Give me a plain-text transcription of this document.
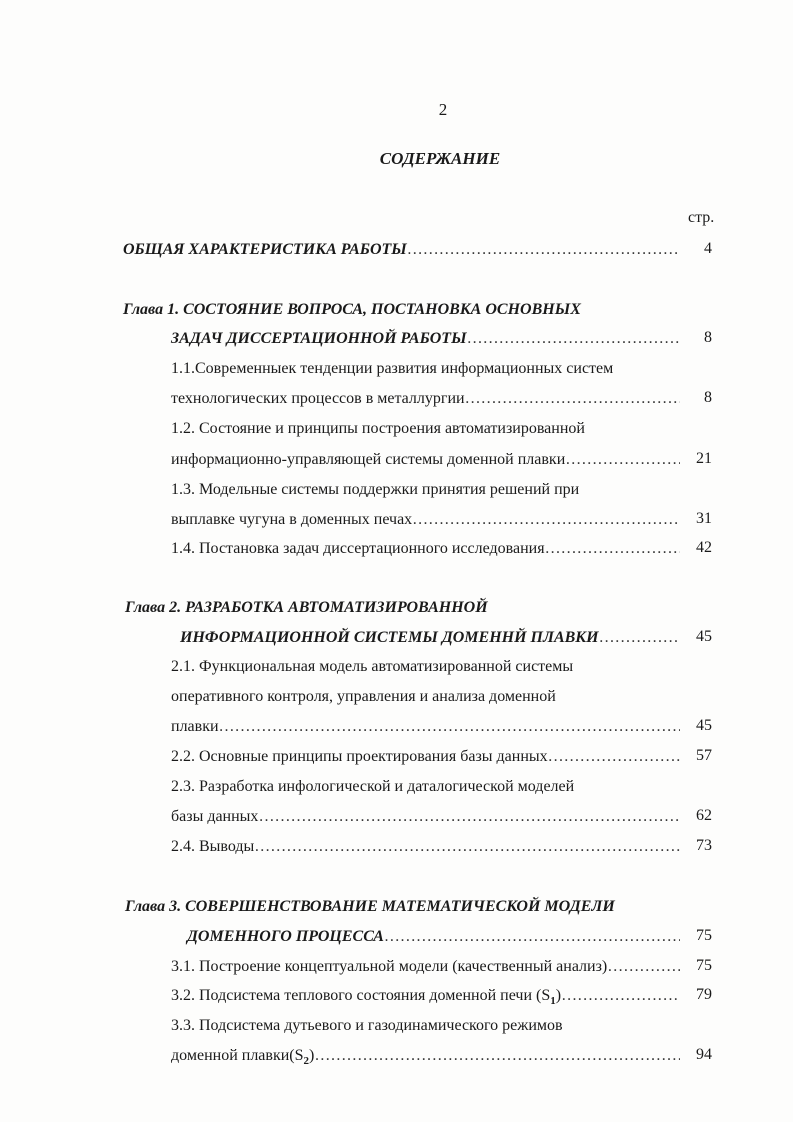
2
СОДЕРЖАНИЕ
стр.
ОБЩАЯ ХАРАКТЕРИСТИКА РАБОТЫ ……………………………………………………………………………………………………………………………………………………………	4
Глава 1. СОСТОЯНИЕ ВОПРОСА, ПОСТАНОВКА ОСНОВНЫХ
ЗАДАЧ ДИССЕРТАЦИОННОЙ РАБОТЫ ……………………………………………………………………………………………………………………………………………………………	8
1.1.Современныек тенденции развития информационных систем
технологических процессов в металлургии ……………………………………………………………………………………………………………………………………………………………	8
1.2. Состояние и принципы построения автоматизированной
информационно-управляющей системы доменной плавки ……………………………………………………………………………………………………………………………………………………………	21
1.3. Модельные системы поддержки принятия решений при
выплавке чугуна в доменных печах ……………………………………………………………………………………………………………………………………………………………	31
1.4. Постановка задач диссертационного исследования ……………………………………………………………………………………………………………………………………………………………	42
Глава 2. РАЗРАБОТКА АВТОМАТИЗИРОВАННОЙ
ИНФОРМАЦИОННОЙ СИСТЕМЫ ДОМЕННЙ ПЛАВКИ ……………………………………………………………………………………………………………………………………………………………	45
2.1. Функциональная модель автоматизированной системы
оперативного контроля, управления и анализа доменной
плавки ……………………………………………………………………………………………………………………………………………………………	45
2.2. Основные принципы проектирования базы данных ……………………………………………………………………………………………………………………………………………………………	57
2.3. Разработка инфологической и даталогической моделей
базы данных ……………………………………………………………………………………………………………………………………………………………	62
2.4. Выводы ……………………………………………………………………………………………………………………………………………………………	73
Глава 3. СОВЕРШЕНСТВОВАНИЕ МАТЕМАТИЧЕСКОЙ МОДЕЛИ
ДОМЕННОГО ПРОЦЕССА ……………………………………………………………………………………………………………………………………………………………	75
3.1. Построение концептуальной модели (качественный анализ) ……………………………………………………………………………………………………………………………………………………………	75
3.2. Подсистема теплового состояния доменной печи $(S_1)$ ……………………………………………………………………………………………………………………………………………………………	79
3.3. Подсистема дутьевого и газодинамического режимов
доменной $плавки(S_2)$ ……………………………………………………………………………………………………………………………………………………………	94
